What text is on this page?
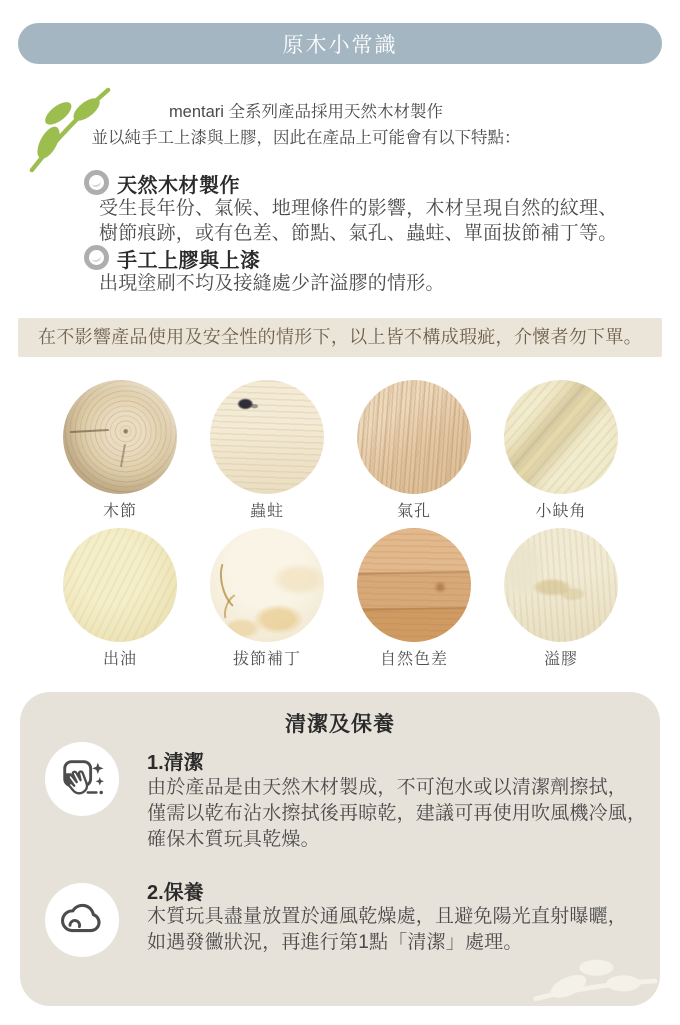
原木小常識
mentari 全系列產品採用天然木材製作
並以純手工上漆與上膠，因此在產品上可能會有以下特點：
天然木材製作
受生長年份、氣候、地理條件的影響，木材呈現自然的紋理、
樹節痕跡，或有色差、節點、氣孔、蟲蛀、單面拔節補丁等。
手工上膠與上漆
出現塗刷不均及接縫處少許溢膠的情形。
在不影響產品使用及安全性的情形下，以上皆不構成瑕疵，介懷者勿下單。
木節	蟲蛀	氣孔	小缺角
出油	拔節補丁	自然色差	溢膠
清潔及保養
1.清潔
由於產品是由天然木材製成，不可泡水或以清潔劑擦拭，
僅需以乾布沾水擦拭後再晾乾，建議可再使用吹風機冷風，
確保木質玩具乾燥。
2.保養
木質玩具盡量放置於通風乾燥處，且避免陽光直射曝曬，
如遇發黴狀況，再進行第1點「清潔」處理。
